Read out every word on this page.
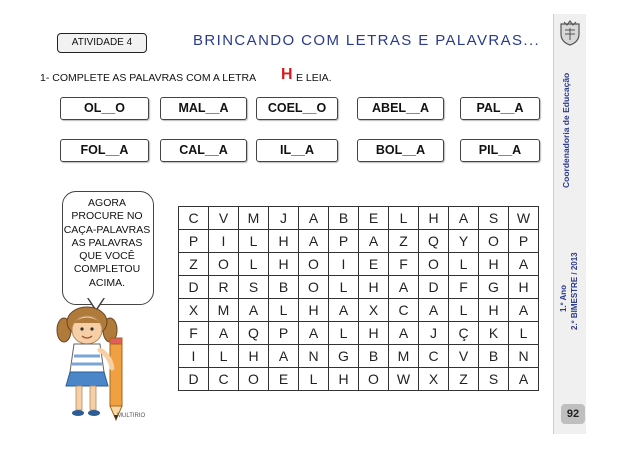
ATIVIDADE 4	BRINCANDO COM LETRAS E PALAVRAS...
1- COMPLETE AS PALAVRAS COM A LETRA H E LEIA.
OL__O	MAL__A	COEL__O	ABEL__A	PAL__A
FOL__A	CAL__A	IL__A	BOL__A	PIL__A
AGORA
PROCURE NO
CAÇA-PALAVRAS
AS PALAVRAS
QUE VOCÊ
COMPLETOU
ACIMA.
MULTIRIO
C	V	M	J	A	B	E	L	H	A	S	W
P	I	L	H	A	P	A	Z	Q	Y	O	P
Z	O	L	H	O	I	E	F	O	L	H	A
D	R	S	B	O	L	H	A	D	F	G	H
X	M	A	L	H	A	X	C	A	L	H	A
F	A	Q	P	A	L	H	A	J	Ç	K	L
I	L	H	A	N	G	B	M	C	V	B	N
D	C	O	E	L	H	O	W	X	Z	S	A
Coordenadoria de Educação
1.º Ano 2.º BIMESTRE / 2013
92
